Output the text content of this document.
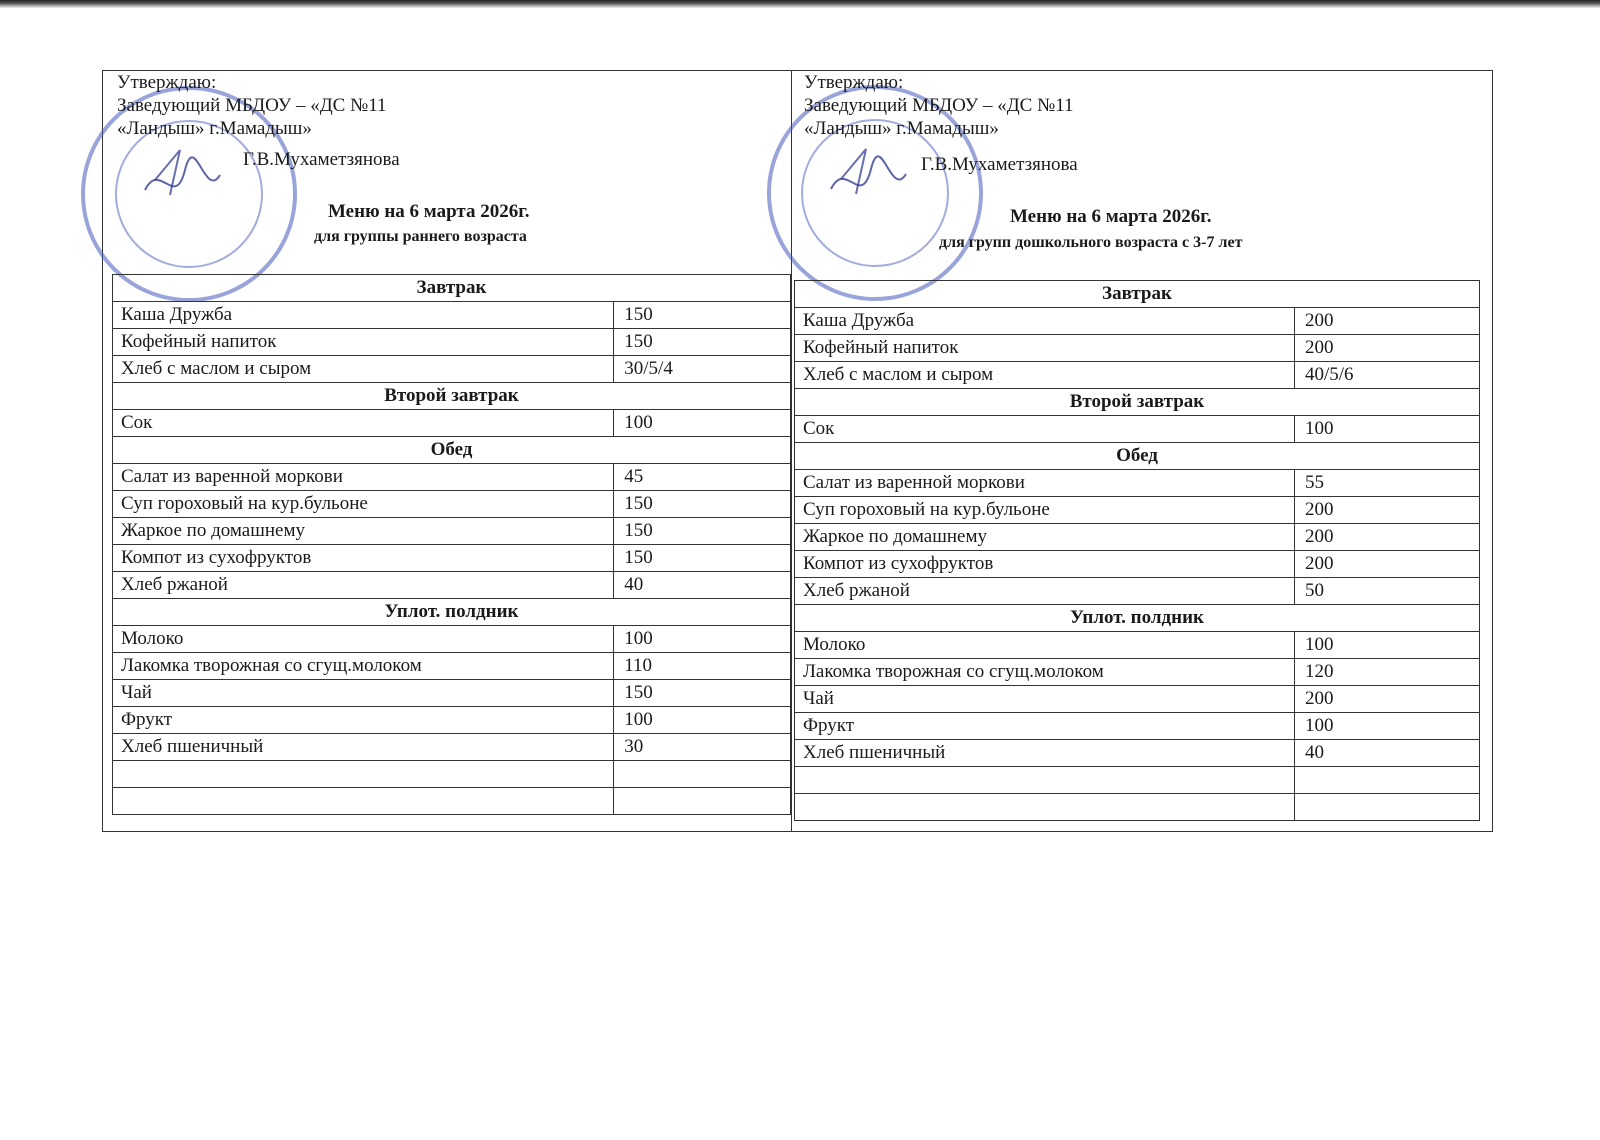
Утверждаю:
Заведующий МБДОУ – «ДС №11
«Ландыш» г.Мамадыш»
Г.В.Мухаметзянова
Меню на 6 марта 2026г.
для группы раннего возраста
Завтрак	
Каша Дружба	150
Кофейный напиток	150
Хлеб с маслом и сыром	30/5/4
Второй завтрак	
Сок	100
Обед	
Салат из варенной моркови	45
Суп гороховый на кур.бульоне	150
Жаркое по домашнему	150
Компот из сухофруктов	150
Хлеб ржаной	40
Уплот. полдник	
Молоко	100
Лакомка творожная со сгущ.молоком	110
Чай	150
Фрукт	100
Хлеб пшеничный	30

Утверждаю:
Заведующий МБДОУ – «ДС №11
«Ландыш» г.Мамадыш»
Г.В.Мухаметзянова
Меню на 6 марта 2026г.
для групп дошкольного возраста с 3-7 лет
Завтрак	
Каша Дружба	200
Кофейный напиток	200
Хлеб с маслом и сыром	40/5/6
Второй завтрак	
Сок	100
Обед	
Салат из варенной моркови	55
Суп гороховый на кур.бульоне	200
Жаркое по домашнему	200
Компот из сухофруктов	200
Хлеб ржаной	50
Уплот. полдник	
Молоко	100
Лакомка творожная со сгущ.молоком	120
Чай	200
Фрукт	100
Хлеб пшеничный	40
